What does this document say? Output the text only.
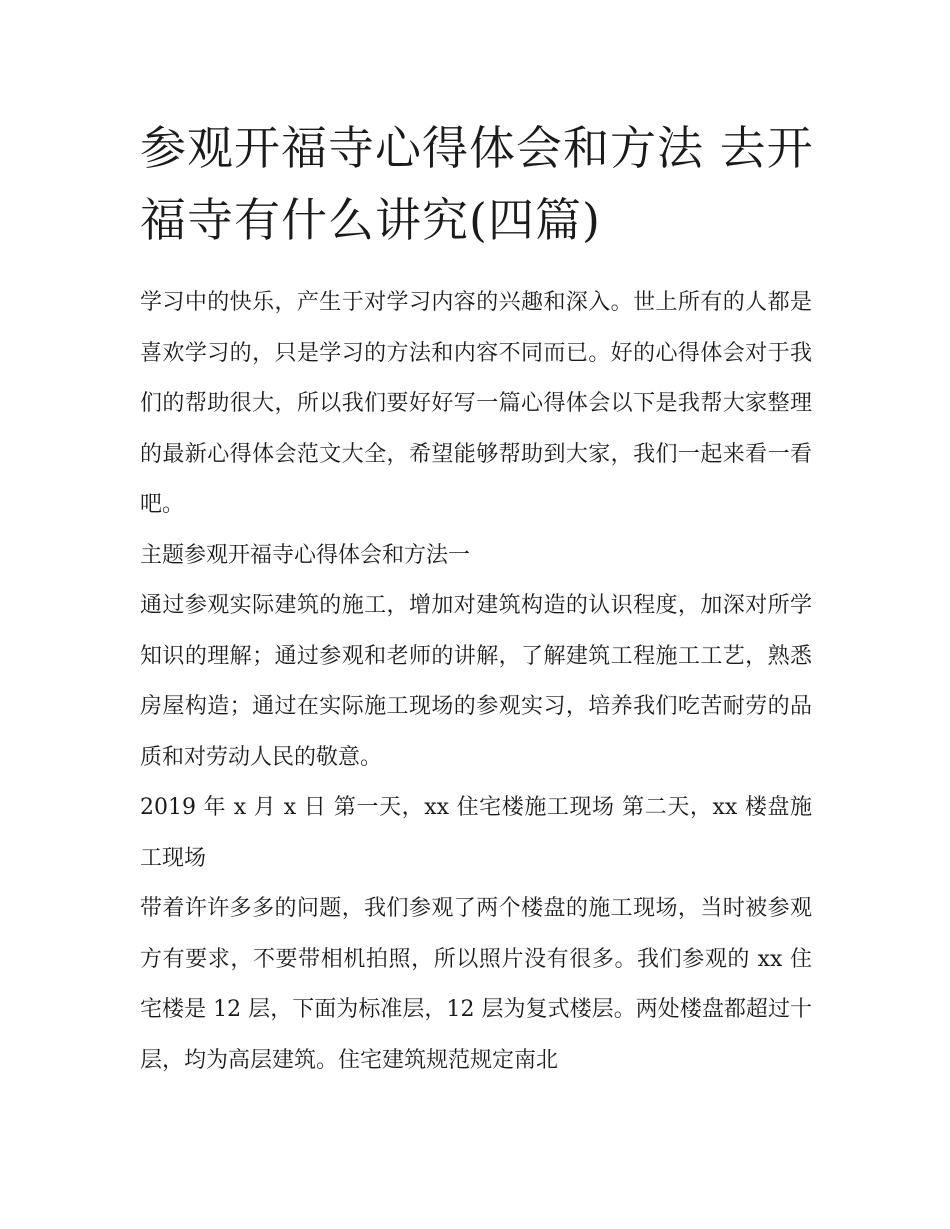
参观开福寺心得体会和方法 去开福寺有什么讲究(四篇)

学习中的快乐，产生于对学习内容的兴趣和深入。世上所有的人都是喜欢学习的，只是学习的方法和内容不同而已。好的心得体会对于我们的帮助很大，所以我们要好好写一篇心得体会以下是我帮大家整理的最新心得体会范文大全，希望能够帮助到大家，我们一起来看一看吧。

主题参观开福寺心得体会和方法一

通过参观实际建筑的施工，增加对建筑构造的认识程度，加深对所学知识的理解；通过参观和老师的讲解，了解建筑工程施工工艺，熟悉房屋构造；通过在实际施工现场的参观实习，培养我们吃苦耐劳的品质和对劳动人民的敬意。

2019 年 x 月 x 日 第一天，xx 住宅楼施工现场 第二天，xx 楼盘施工现场

带着许许多多的问题，我们参观了两个楼盘的施工现场，当时被参观方有要求，不要带相机拍照，所以照片没有很多。我们参观的 xx 住宅楼是 12 层，下面为标准层，12 层为复式楼层。两处楼盘都超过十层，均为高层建筑。住宅建筑规范规定南北
